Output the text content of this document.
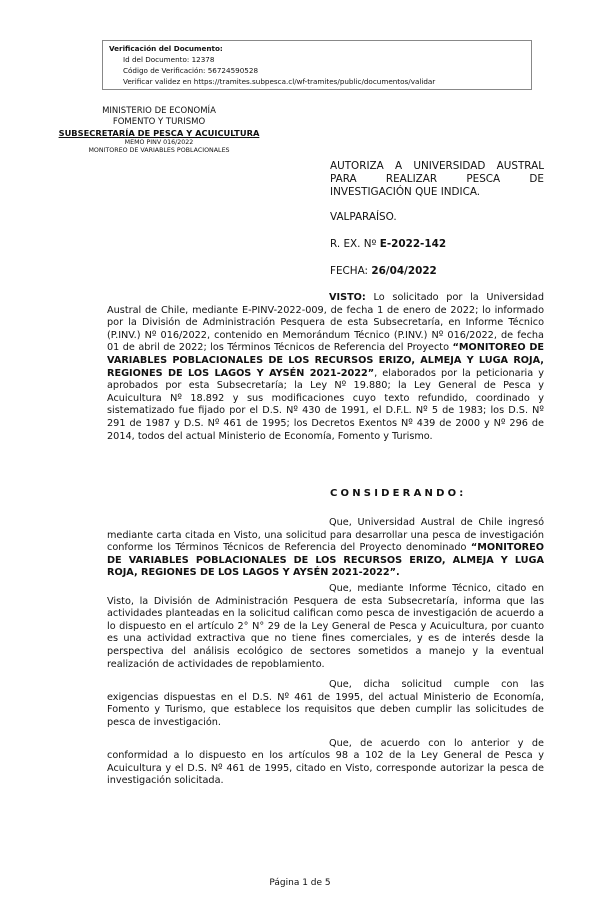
Verificación del Documento:
• Id del Documento: 12378
• Código de Verificación: 56724590528
• Verificar validez en https://tramites.subpesca.cl/wf-tramites/public/documentos/validar
MINISTERIO DE ECONOMÍA
FOMENTO Y TURISMO
SUBSECRETARÍA DE PESCA Y ACUICULTURA
MEMO PINV 016/2022
MONITOREO DE VARIABLES POBLACIONALES

AUTORIZA A UNIVERSIDAD AUSTRAL

PARA REALIZAR PESCA DE

INVESTIGACIÓN QUE INDICA.

VALPARAÍSO.
R. EX. Nº E-2022-142
FECHA: 26/04/2022

VISTO: Lo solicitado por la Universidad Austral de Chile, mediante E-PINV-2022-009, de fecha 1 de enero de 2022; lo informado por la División de Administración Pesquera de esta Subsecretaría, en Informe Técnico (P.INV.) Nº 016/2022, contenido en Memorándum Técnico (P.INV.) Nº 016/2022, de fecha 01 de abril de 2022; los Términos Técnicos de Referencia del Proyecto “MONITOREO DE VARIABLES POBLACIONALES DE LOS RECURSOS ERIZO, ALMEJA Y LUGA ROJA, REGIONES DE LOS LAGOS Y AYSÉN 2021-2022”, elaborados por la peticionaria y aprobados por esta Subsecretaría; la Ley Nº 19.880; la Ley General de Pesca y Acuicultura Nº 18.892 y sus modificaciones cuyo texto refundido, coordinado y sistematizado fue fijado por el D.S. Nº 430 de 1991, el D.F.L. Nº 5 de 1983; los D.S. Nº 291 de 1987 y D.S. Nº 461 de 1995; los Decretos Exentos Nº 439 de 2000 y Nº 296 de 2014, todos del actual Ministerio de Economía, Fomento y Turismo.

CONSIDERANDO:

Que, Universidad Austral de Chile ingresó mediante carta citada en Visto, una solicitud para desarrollar una pesca de investigación conforme los Términos Técnicos de Referencia del Proyecto denominado “MONITOREO DE VARIABLES POBLACIONALES DE LOS RECURSOS ERIZO, ALMEJA Y LUGA ROJA, REGIONES DE LOS LAGOS Y AYSÉN 2021-2022”.

Que, mediante Informe Técnico, citado en Visto, la División de Administración Pesquera de esta Subsecretaría, informa que las actividades planteadas en la solicitud califican como pesca de investigación de acuerdo a lo dispuesto en el artículo 2° N° 29 de la Ley General de Pesca y Acuicultura, por cuanto es una actividad extractiva que no tiene fines comerciales, y es de interés desde la perspectiva del análisis ecológico de sectores sometidos a manejo y la eventual realización de actividades de repoblamiento.

Que, dicha solicitud cumple con las exigencias dispuestas en el D.S. Nº 461 de 1995, del actual Ministerio de Economía, Fomento y Turismo, que establece los requisitos que deben cumplir las solicitudes de pesca de investigación.

Que, de acuerdo con lo anterior y de conformidad a lo dispuesto en los artículos 98 a 102 de la Ley General de Pesca y Acuicultura y el D.S. Nº 461 de 1995, citado en Visto, corresponde autorizar la pesca de investigación solicitada.

Página 1 de 5
